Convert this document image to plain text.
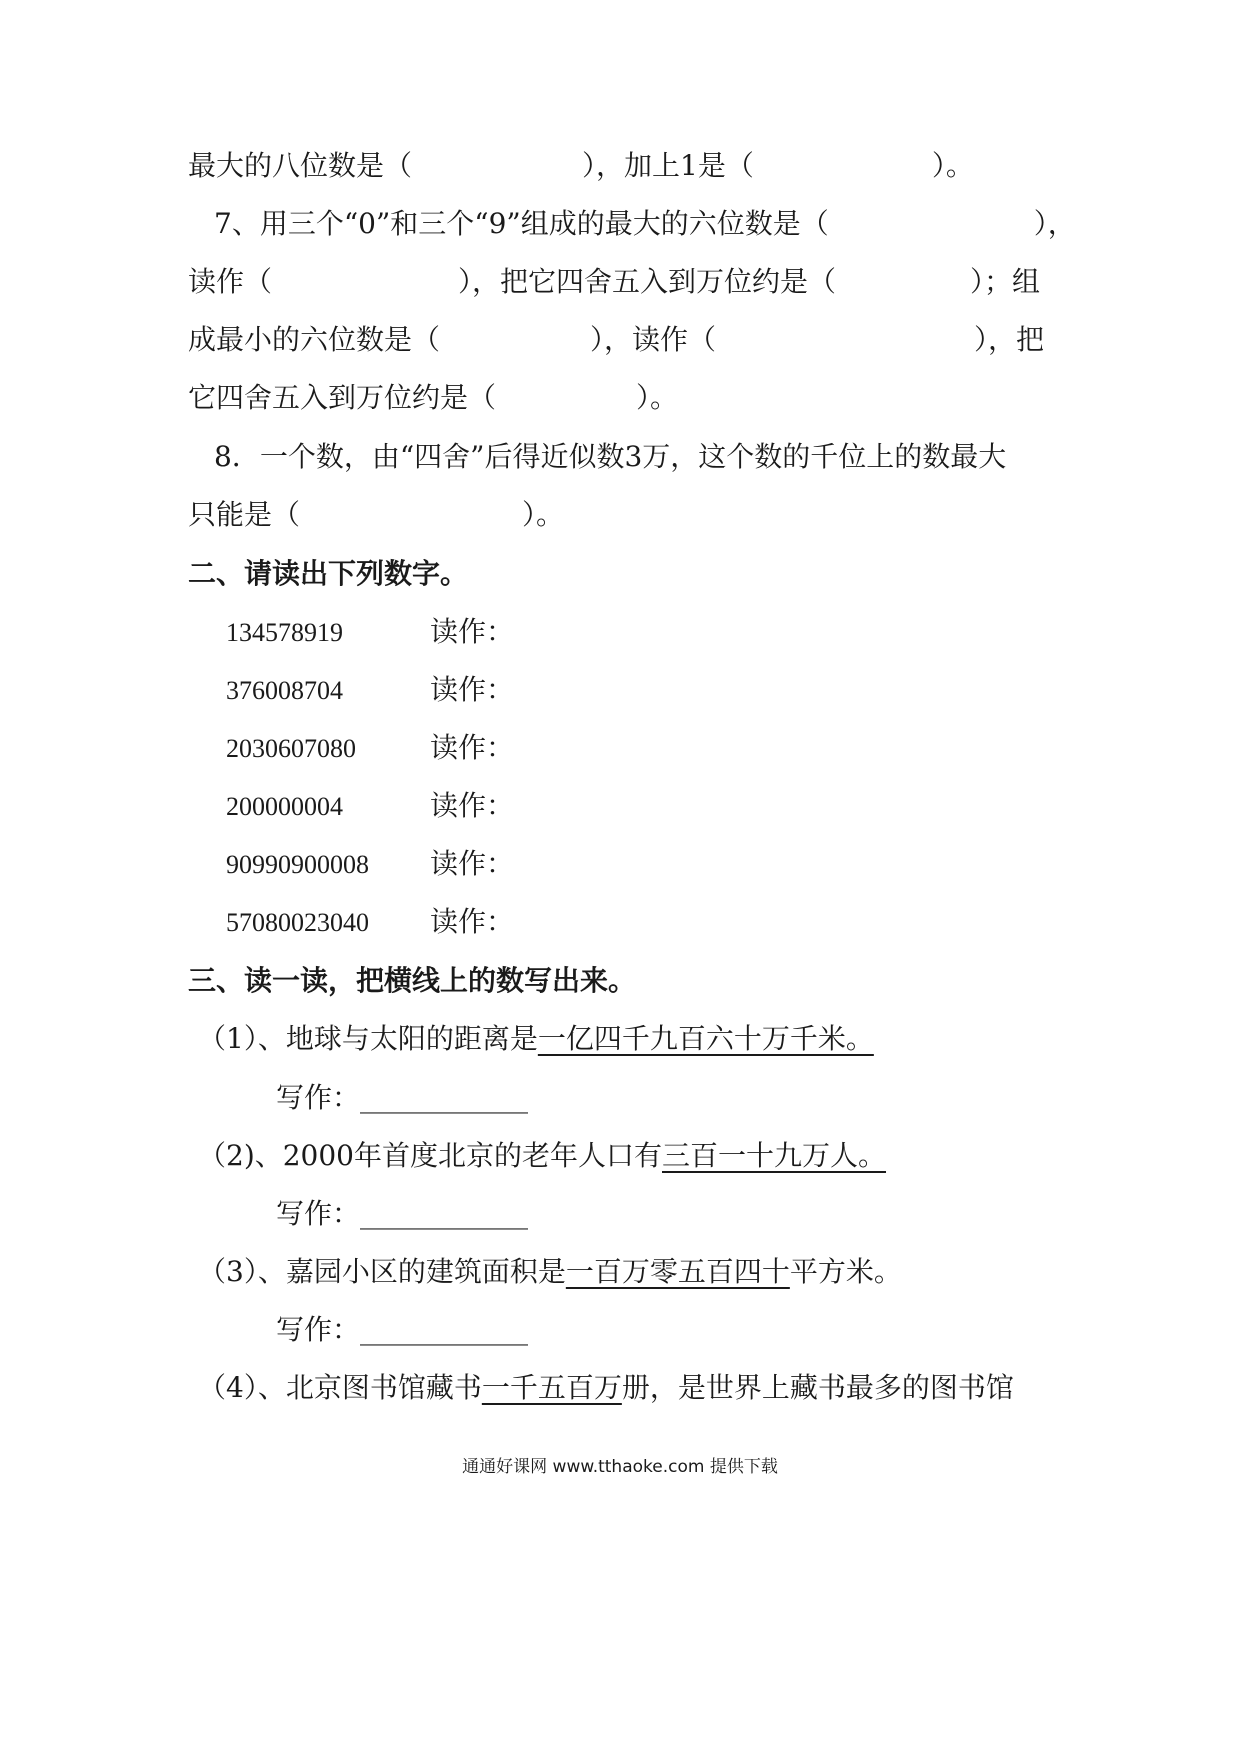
最大的八位数是（	），加上1是（	）。
7、用三个“0”和三个“9”组成的最大的六位数是（	），
读作（	），把它四舍五入到万位约是（	）；组
成最小的六位数是（	），读作（	），把
它四舍五入到万位约是（	）。
8．一个数，由“四舍”后得近似数3万，这个数的千位上的数最大
只能是（	）。
二、请读出下列数字。
134578919	读作：
376008704	读作：
2030607080	读作：
200000004	读作：
90990900008 读作：
57080023040 读作：
三、读一读，把横线上的数写出来。
（1）、地球与太阳的距离是一亿四千九百六十万千米。
写作：____________
（2)、2000年首度北京的老年人口有三百一十九万人。
写作：____________
（3）、嘉园小区的建筑面积是一百万零五百四十平方米。
写作：____________
（4）、北京图书馆藏书一千五百万册，是世界上藏书最多的图书馆
通通好课网 www.tthaoke.com 提供下载
